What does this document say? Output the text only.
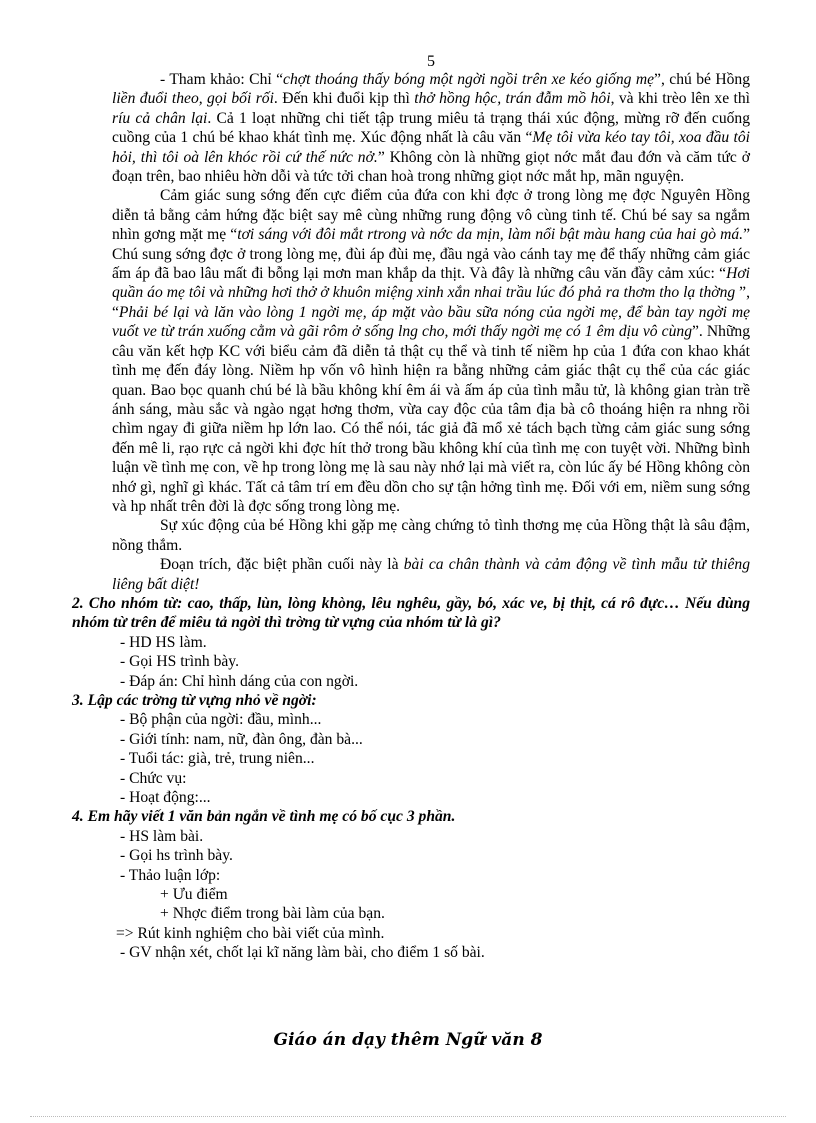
5

- Tham khảo: Chỉ “chợt thoáng thấy bóng một ngời ngồi trên xe kéo giống mẹ”, chú bé Hồng liền đuổi theo, gọi bối rối. Đến khi đuổi kịp thì thở hồng hộc, trán đẫm mồ hôi, và khi trèo lên xe thì ríu cả chân lại. Cả 1 loạt những chi tiết tập trung miêu tả trạng thái xúc động, mừng rỡ đến cuống cuồng của 1 chú bé khao khát tình mẹ. Xúc động nhất là câu văn “Mẹ tôi vừa kéo tay tôi, xoa đầu tôi hỏi, thì tôi oà lên khóc rồi cứ thế nức nở.” Không còn là những giọt nớc mắt đau đớn và căm tức ở đoạn trên, bao nhiêu hờn dỗi và tức tởi chan hoà trong những giọt nớc mắt hp, mãn nguyện.

Cảm giác sung sớng đến cực điểm của đứa con khi đợc ở trong lòng mẹ đợc Nguyên Hồng diễn tả bằng cảm hứng đặc biệt say mê cùng những rung động vô cùng tinh tế. Chú bé say sa ngắm nhìn gơng mặt mẹ “tơi sáng với đôi mắt rtrong và nớc da mịn, làm nổi bật màu hang của hai gò má.” Chú sung sớng đợc ở trong lòng mẹ, đùi áp đùi mẹ, đầu ngả vào cánh tay mẹ để thấy những cảm giác ấm áp đã bao lâu mất đi bỗng lại mơn man khắp da thịt. Và đây là những câu văn đầy cảm xúc: “Hơi quần áo mẹ tôi và những hơi thở ở khuôn miệng xinh xắn nhai trầu lúc đó phả ra thơm tho lạ thờng ”, “Phải bé lại và lăn vào lòng 1 ngời mẹ, áp mặt vào bầu sữa nóng của ngời mẹ, để bàn tay ngời mẹ vuốt ve từ trán xuống cằm và gãi rôm ở sống lng cho, mới thấy ngời mẹ có 1 êm dịu vô cùng”. Những câu văn kết hợp KC với biểu cảm đã diễn tả thật cụ thể và tinh tế niềm hp của 1 đứa con khao khát tình mẹ đến đáy lòng. Niềm hp vốn vô hình hiện ra bằng những cảm giác thật cụ thể của các giác quan. Bao bọc quanh chú bé là bầu không khí êm ái và ấm áp của tình mẫu tử, là không gian tràn trề ánh sáng, màu sắc và ngào ngạt hơng thơm, vừa cay độc của tâm địa bà cô thoáng hiện ra nhng rồi chìm ngay đi giữa niềm hp lớn lao. Có thể nói, tác giả đã mổ xẻ tách bạch từng cảm giác sung sớng đến mê li, rạo rực cả ngời khi đợc hít thở trong bầu không khí của tình mẹ con tuyệt vời. Những bình luận về tình mẹ con, về hp trong lòng mẹ là sau này nhớ lại mà viết ra, còn lúc ấy bé Hồng không còn nhớ gì, nghĩ gì khác. Tất cả tâm trí em đều dồn cho sự tận hởng tình mẹ. Đối với em, niềm sung sớng và hp nhất trên đời là đợc sống trong lòng mẹ.

Sự xúc động của bé Hồng khi gặp mẹ càng chứng tỏ tình thơng mẹ của Hồng thật là sâu đậm, nồng thắm.

Đoạn trích, đặc biệt phần cuối này là bài ca chân thành và cảm động về tình mẫu tử thiêng liêng bất diệt!

2. Cho nhóm từ: cao, thấp, lùn, lòng khòng, lêu nghêu, gầy, bó, xác ve, bị thịt, cá rô đực… Nếu dùng nhóm từ trên để miêu tả ngời thì trờng từ vựng của nhóm từ là gì?

- HD HS làm.
- Gọi HS trình bày.
- Đáp án: Chỉ hình dáng của con ngời.

3. Lập các trờng từ vựng nhỏ về ngời:

- Bộ phận của ngời: đầu, mình...
- Giới tính: nam, nữ, đàn ông, đàn bà...
- Tuổi tác: già, trẻ, trung niên...
- Chức vụ:
- Hoạt động:...

4. Em hãy viết 1 văn bản ngắn về tình mẹ có bố cục 3 phần.

- HS làm bài.
- Gọi hs trình bày.
- Thảo luận lớp:
+ Ưu điểm
+ Nhợc điểm trong bài làm của bạn.
=> Rút kinh nghiệm cho bài viết của mình.
- GV nhận xét, chốt lại kĩ năng làm bài, cho điểm 1 số bài.
Giáo án dạy thêm Ngữ văn 8
